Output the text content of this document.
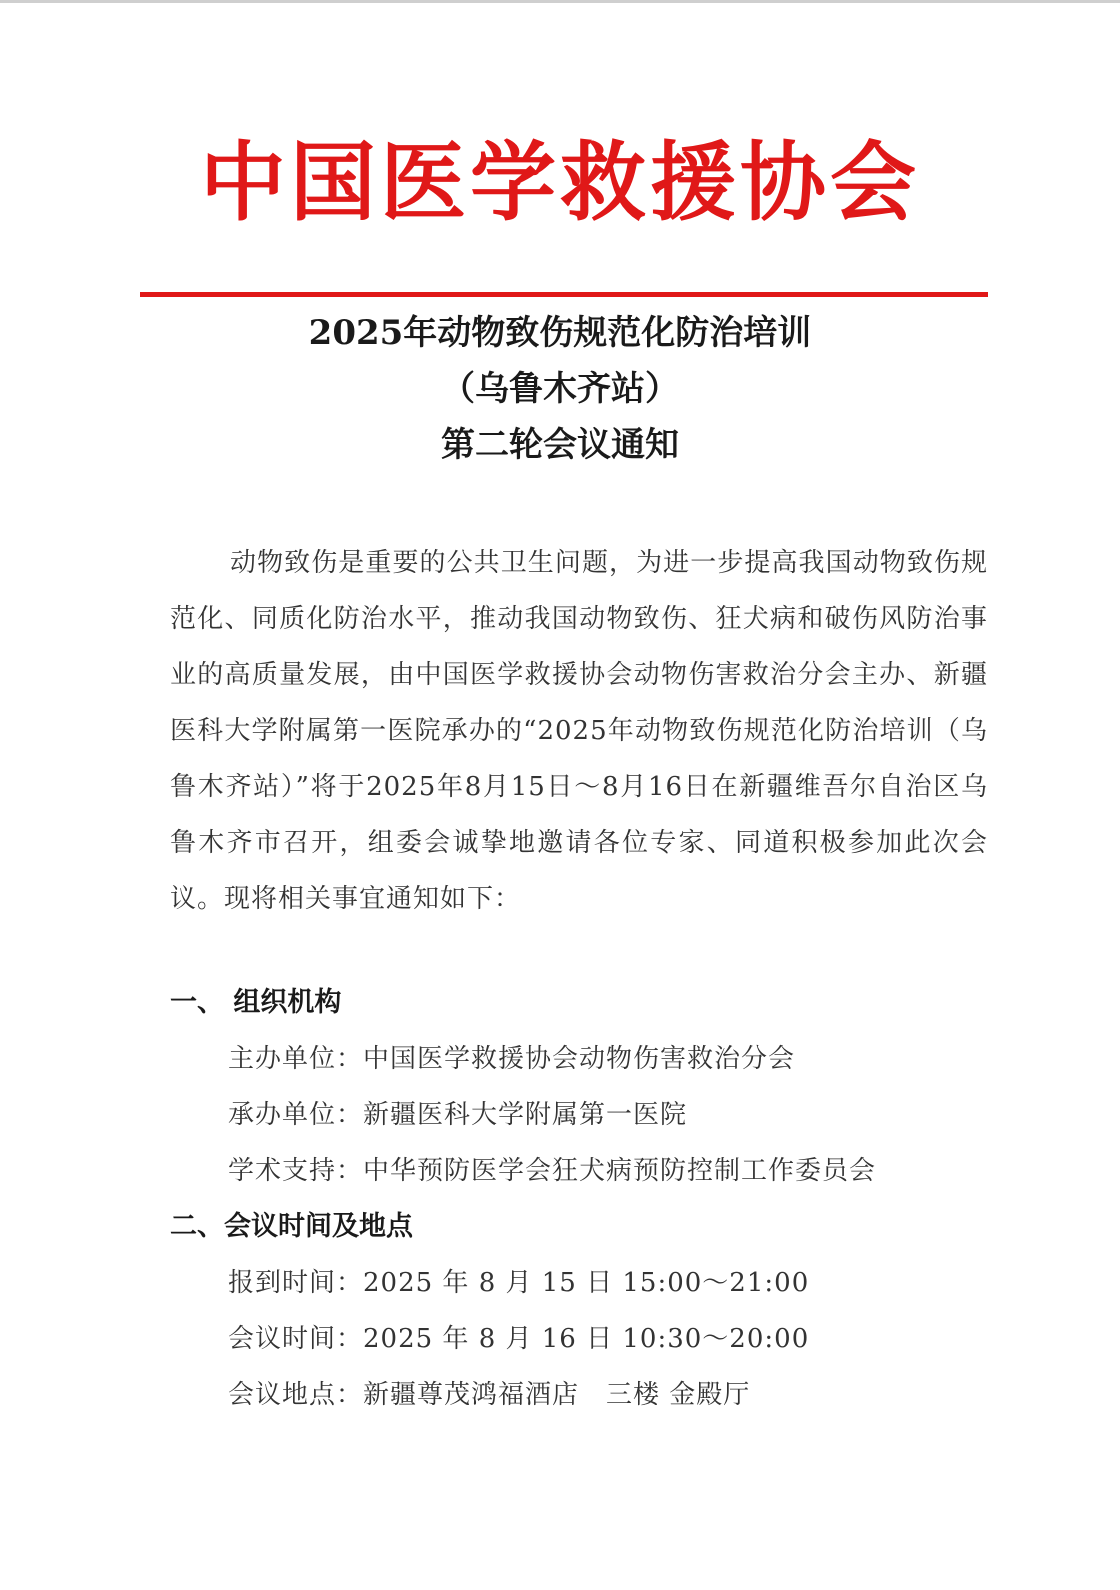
中国医学救援协会
2025年动物致伤规范化防治培训
（乌鲁木齐站）
第二轮会议通知

动物致伤是重要的公共卫生问题，为进一步提高我国动物致伤规范化、同质化防治水平，推动我国动物致伤、狂犬病和破伤风防治事业的高质量发展，由中国医学救援协会动物伤害救治分会主办、新疆医科大学附属第一医院承办的“2025年动物致伤规范化防治培训（乌鲁木齐站）”将于2025年8月15日～8月16日在新疆维吾尔自治区乌鲁木齐市召开，组委会诚挚地邀请各位专家、同道积极参加此次会议。现将相关事宜通知如下：

一、 组织机构
主办单位：中国医学救援协会动物伤害救治分会
承办单位：新疆医科大学附属第一医院
学术支持：中华预防医学会狂犬病预防控制工作委员会
二、会议时间及地点
报到时间：2025 年 8 月 15 日 15:00～21:00
会议时间：2025 年 8 月 16 日 10:30～20:00
会议地点：新疆尊茂鸿福酒店　三楼 金殿厅
